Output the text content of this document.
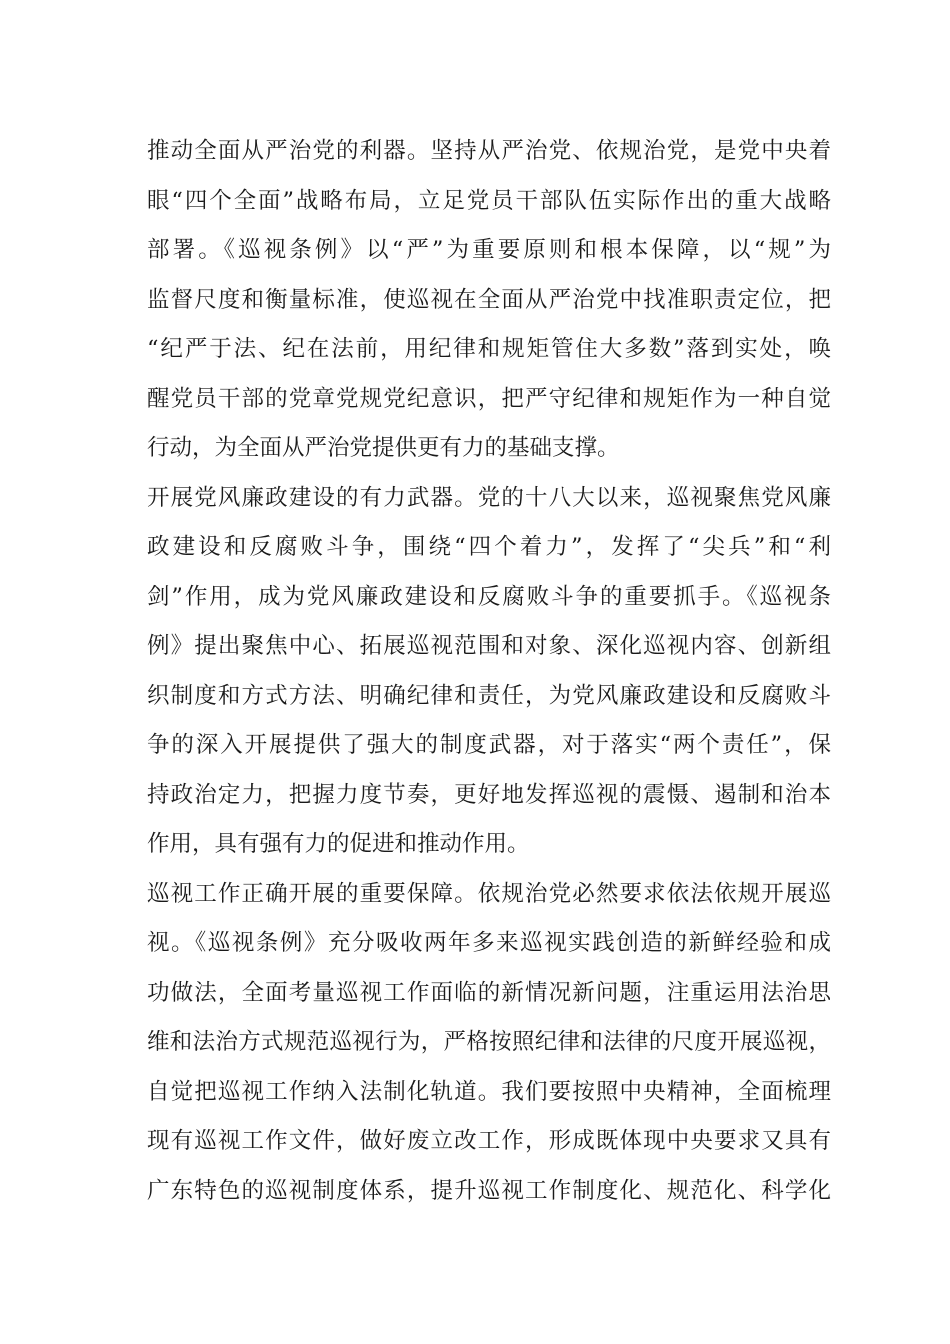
推动全面从严治党的利器。坚持从严治党、依规治党，是党中央着
眼“四个全面”战略布局，立足党员干部队伍实际作出的重大战略
部署。《巡视条例》以“严”为重要原则和根本保障，以“规”为
监督尺度和衡量标准，使巡视在全面从严治党中找准职责定位，把
“纪严于法、纪在法前，用纪律和规矩管住大多数”落到实处，唤
醒党员干部的党章党规党纪意识，把严守纪律和规矩作为一种自觉
行动，为全面从严治党提供更有力的基础支撑。
开展党风廉政建设的有力武器。党的十八大以来，巡视聚焦党风廉
政建设和反腐败斗争，围绕“四个着力”，发挥了“尖兵”和“利
剑”作用，成为党风廉政建设和反腐败斗争的重要抓手。《巡视条
例》提出聚焦中心、拓展巡视范围和对象、深化巡视内容、创新组
织制度和方式方法、明确纪律和责任，为党风廉政建设和反腐败斗
争的深入开展提供了强大的制度武器，对于落实“两个责任”，保
持政治定力，把握力度节奏，更好地发挥巡视的震慑、遏制和治本
作用，具有强有力的促进和推动作用。
巡视工作正确开展的重要保障。依规治党必然要求依法依规开展巡
视。《巡视条例》充分吸收两年多来巡视实践创造的新鲜经验和成
功做法，全面考量巡视工作面临的新情况新问题，注重运用法治思
维和法治方式规范巡视行为，严格按照纪律和法律的尺度开展巡视，
自觉把巡视工作纳入法制化轨道。我们要按照中央精神，全面梳理
现有巡视工作文件，做好废立改工作，形成既体现中央要求又具有
广东特色的巡视制度体系，提升巡视工作制度化、规范化、科学化
